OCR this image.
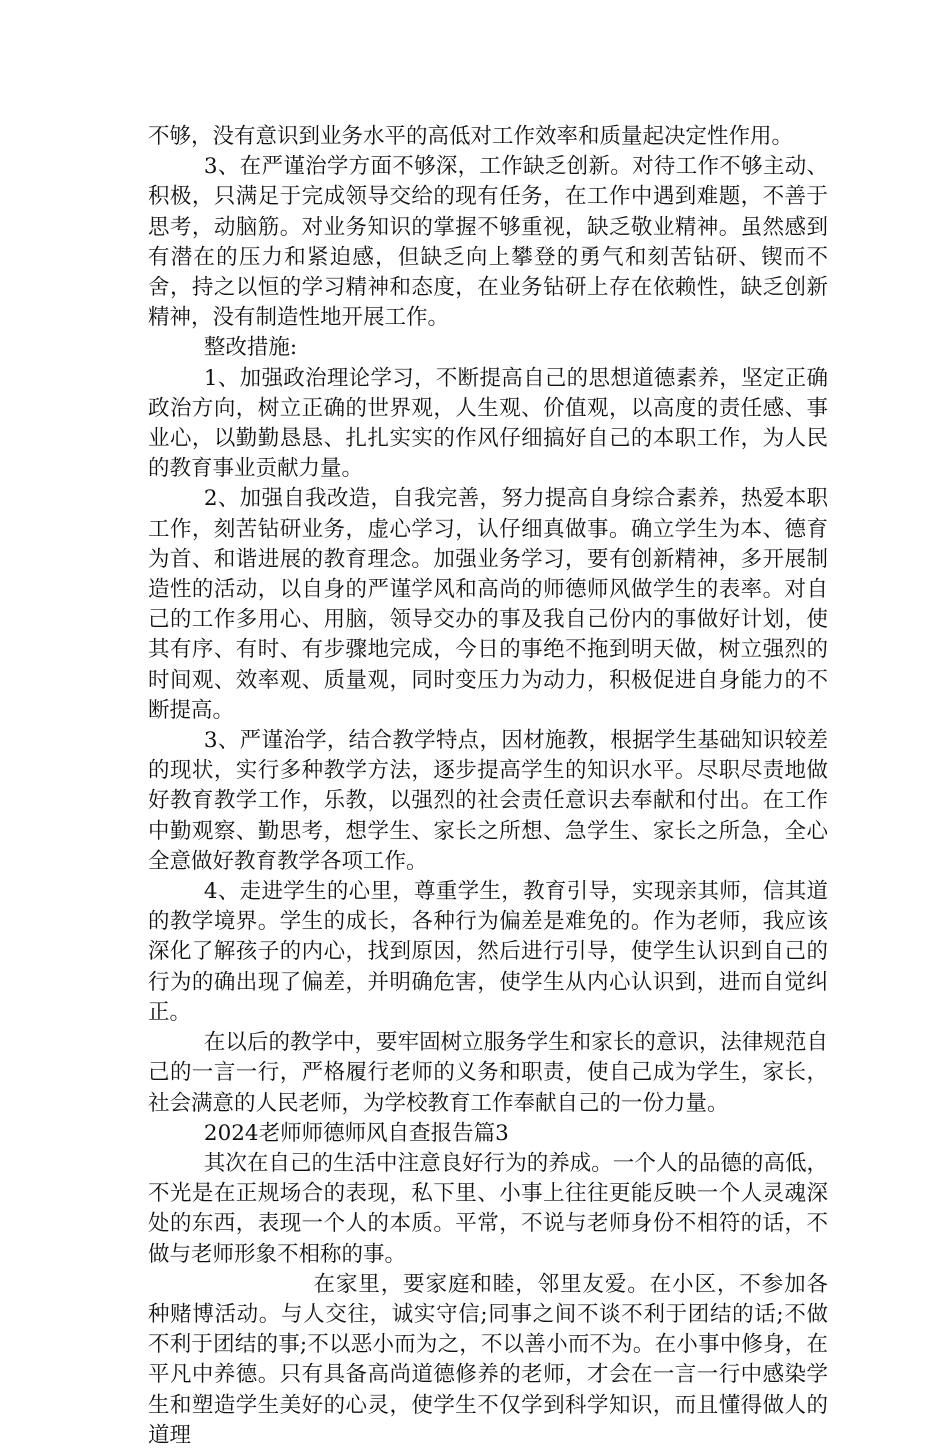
不够，没有意识到业务水平的高低对工作效率和质量起决定性作用。

3、在严谨治学方面不够深，工作缺乏创新。对待工作不够主动、积极，只满足于完成领导交给的现有任务，在工作中遇到难题，不善于思考，动脑筋。对业务知识的掌握不够重视，缺乏敬业精神。虽然感到有潜在的压力和紧迫感，但缺乏向上攀登的勇气和刻苦钻研、锲而不舍，持之以恒的学习精神和态度，在业务钻研上存在依赖性，缺乏创新精神，没有制造性地开展工作。

整改措施:

1、加强政治理论学习，不断提高自己的思想道德素养，坚定正确政治方向，树立正确的世界观，人生观、价值观，以高度的责任感、事业心，以勤勤恳恳、扎扎实实的作风仔细搞好自己的本职工作，为人民的教育事业贡献力量。

2、加强自我改造，自我完善，努力提高自身综合素养，热爱本职工作，刻苦钻研业务，虚心学习，认仔细真做事。确立学生为本、德育为首、和谐进展的教育理念。加强业务学习，要有创新精神，多开展制造性的活动，以自身的严谨学风和高尚的师德师风做学生的表率。对自己的工作多用心、用脑，领导交办的事及我自己份内的事做好计划，使其有序、有时、有步骤地完成，今日的事绝不拖到明天做，树立强烈的时间观、效率观、质量观，同时变压力为动力，积极促进自身能力的不断提高。

3、严谨治学，结合教学特点，因材施教，根据学生基础知识较差的现状，实行多种教学方法，逐步提高学生的知识水平。尽职尽责地做好教育教学工作，乐教，以强烈的社会责任意识去奉献和付出。在工作中勤观察、勤思考，想学生、家长之所想、急学生、家长之所急，全心全意做好教育教学各项工作。

4、走进学生的心里，尊重学生，教育引导，实现亲其师，信其道的教学境界。学生的成长，各种行为偏差是难免的。作为老师，我应该深化了解孩子的内心，找到原因，然后进行引导，使学生认识到自己的行为的确出现了偏差，并明确危害，使学生从内心认识到，进而自觉纠正。

在以后的教学中，要牢固树立服务学生和家长的意识，法律规范自己的一言一行，严格履行老师的义务和职责，使自己成为学生，家长，社会满意的人民老师，为学校教育工作奉献自己的一份力量。

2024老师师德师风自查报告篇3

其次在自己的生活中注意良好行为的养成。一个人的品德的高低，不光是在正规场合的表现，私下里、小事上往往更能反映一个人灵魂深处的东西，表现一个人的本质。平常，不说与老师身份不相符的话，不做与老师形象不相称的事。

在家里，要家庭和睦，邻里友爱。在小区，不参加各种赌博活动。与人交往，诚实守信;同事之间不谈不利于团结的话;不做不利于团结的事;不以恶小而为之，不以善小而不为。在小事中修身，在平凡中养德。只有具备高尚道德修养的老师，才会在一言一行中感染学生和塑造学生美好的心灵，使学生不仅学到科学知识，而且懂得做人的道理
